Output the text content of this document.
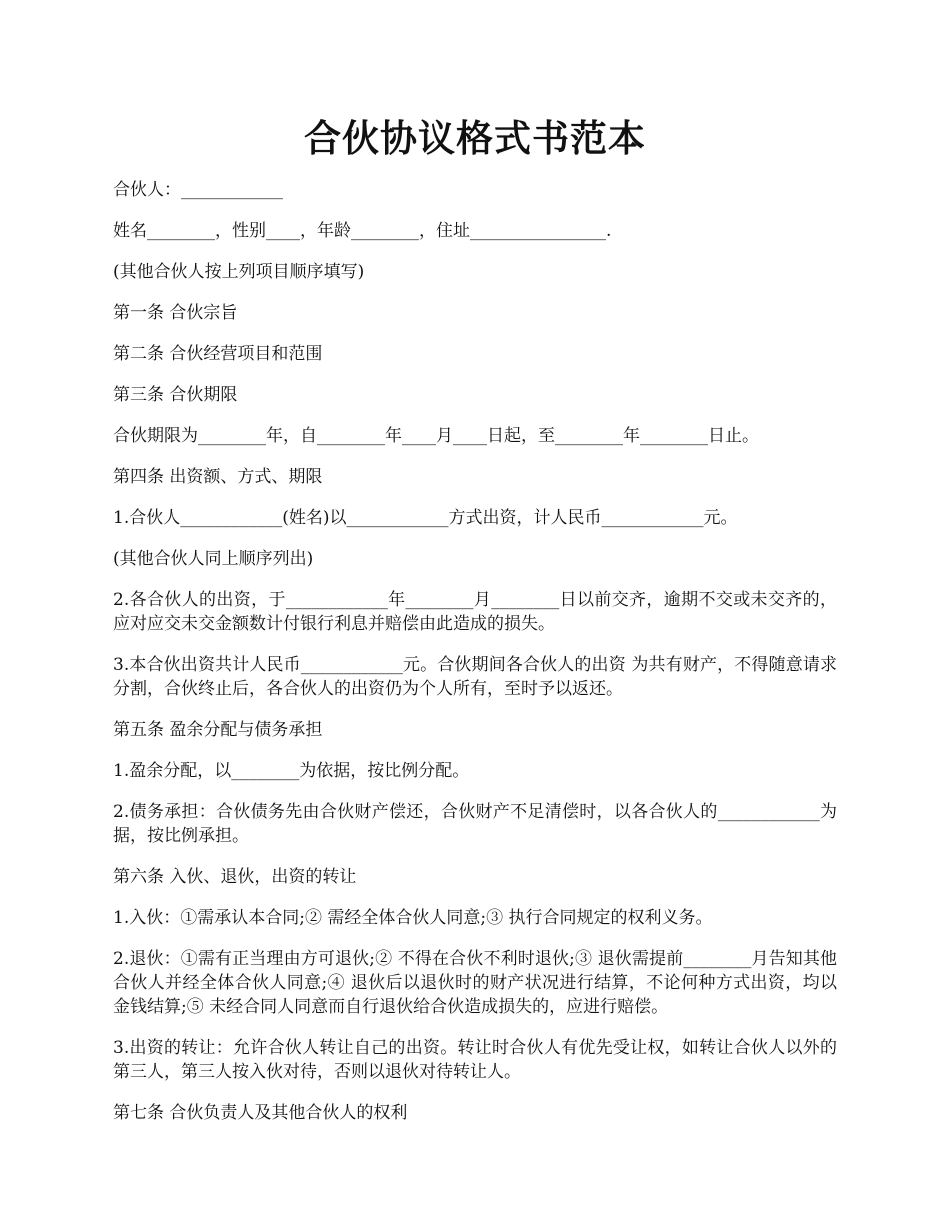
合伙协议格式书范本

合伙人：____________

姓名________，性别____，年龄________，住址________________.

(其他合伙人按上列项目顺序填写)

第一条 合伙宗旨

第二条 合伙经营项目和范围

第三条 合伙期限

合伙期限为________年，自________年____月____日起，至________年________日止。

第四条 出资额、方式、期限

1.合伙人____________(姓名)以____________方式出资，计人民币____________元。

(其他合伙人同上顺序列出)

2.各合伙人的出资，于____________年________月________日以前交齐，逾期不交或未交齐的，应对应交未交金额数计付银行利息并赔偿由此造成的损失。

3.本合伙出资共计人民币____________元。合伙期间各合伙人的出资 为共有财产，不得随意请求分割，合伙终止后，各合伙人的出资仍为个人所有，至时予以返还。

第五条 盈余分配与债务承担

1.盈余分配，以________为依据，按比例分配。

2.债务承担：合伙债务先由合伙财产偿还，合伙财产不足清偿时，以各合伙人的____________为据，按比例承担。

第六条 入伙、退伙，出资的转让

1.入伙：①需承认本合同;② 需经全体合伙人同意;③ 执行合同规定的权利义务。

2.退伙：①需有正当理由方可退伙;② 不得在合伙不利时退伙;③ 退伙需提前________月告知其他合伙人并经全体合伙人同意;④ 退伙后以退伙时的财产状况进行结算，不论何种方式出资，均以金钱结算;⑤ 未经合同人同意而自行退伙给合伙造成损失的，应进行赔偿。

3.出资的转让：允许合伙人转让自己的出资。转让时合伙人有优先受让权，如转让合伙人以外的第三人，第三人按入伙对待，否则以退伙对待转让人。

第七条 合伙负责人及其他合伙人的权利
